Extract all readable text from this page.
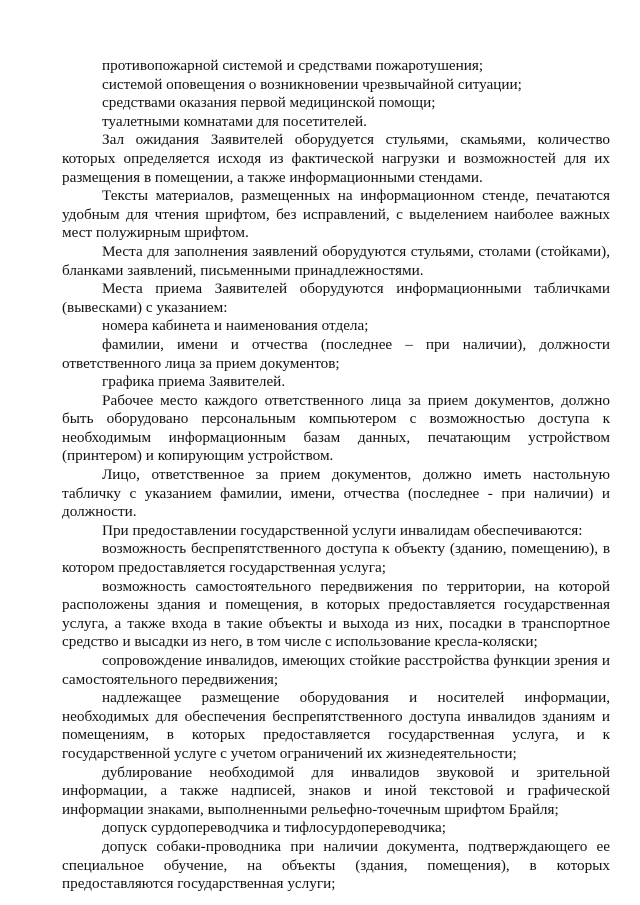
противопожарной системой и средствами пожаротушения;

системой оповещения о возникновении чрезвычайной ситуации;

средствами оказания первой медицинской помощи;

туалетными комнатами для посетителей.

Зал ожидания Заявителей оборудуется стульями, скамьями, количество которых определяется исходя из фактической нагрузки и возможностей для их размещения в помещении, а также информационными стендами.

Тексты материалов, размещенных на информационном стенде, печатаются удобным для чтения шрифтом, без исправлений, с выделением наиболее важных мест полужирным шрифтом.

Места для заполнения заявлений оборудуются стульями, столами (стойками), бланками заявлений, письменными принадлежностями.

Места приема Заявителей оборудуются информационными табличками (вывесками) с указанием:

номера кабинета и наименования отдела;

фамилии, имени и отчества (последнее – при наличии), должности ответственного лица за прием документов;

графика приема Заявителей.

Рабочее место каждого ответственного лица за прием документов, должно быть оборудовано персональным компьютером с возможностью доступа к необходимым информационным базам данных, печатающим устройством (принтером) и копирующим устройством.

Лицо, ответственное за прием документов, должно иметь настольную табличку с указанием фамилии, имени, отчества (последнее - при наличии) и должности.

При предоставлении государственной услуги инвалидам обеспечиваются:

возможность беспрепятственного доступа к объекту (зданию, помещению), в котором предоставляется государственная услуга;

возможность самостоятельного передвижения по территории, на которой расположены здания и помещения, в которых предоставляется государственная услуга, а также входа в такие объекты и выхода из них, посадки в транспортное средство и высадки из него, в том числе с использование кресла-коляски;

сопровождение инвалидов, имеющих стойкие расстройства функции зрения и самостоятельного передвижения;

надлежащее размещение оборудования и носителей информации, необходимых для обеспечения беспрепятственного доступа инвалидов зданиям и помещениям, в которых предоставляется государственная услуга, и к государственной услуге с учетом ограничений их жизнедеятельности;

дублирование необходимой для инвалидов звуковой и зрительной информации, а также надписей, знаков и иной текстовой и графической информации знаками, выполненными рельефно-точечным шрифтом Брайля;

допуск сурдопереводчика и тифлосурдопереводчика;

допуск собаки-проводника при наличии документа, подтверждающего ее специальное обучение, на объекты (здания, помещения), в которых предоставляются государственная услуги;
